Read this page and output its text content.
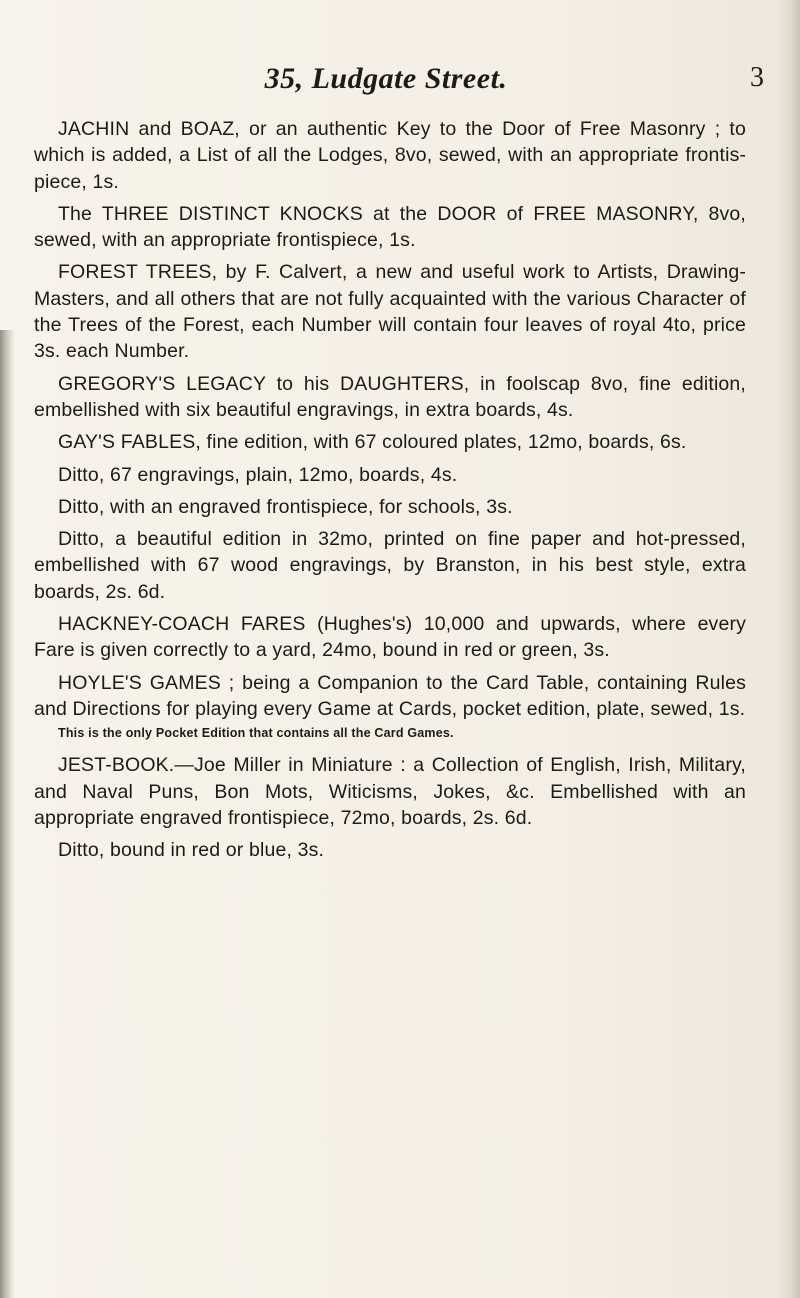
35, Ludgate Street.	3

JACHIN and BOAZ, or an authentic Key to the Door of Free Masonry ; to which is added, a List of all the Lodges, 8vo, sewed, with an appropriate frontispiece, 1s.

The THREE DISTINCT KNOCKS at the DOOR of FREE MASONRY, 8vo, sewed, with an appropriate frontispiece, 1s.

FOREST TREES, by F. Calvert, a new and useful work to Artists, Drawing-Masters, and all others that are not fully acquainted with the various Character of the Trees of the Forest, each Number will contain four leaves of royal 4to, price 3s. each Number.

GREGORY'S LEGACY to his DAUGHTERS, in foolscap 8vo, fine edition, embellished with six beautiful engravings, in extra boards, 4s.

GAY'S FABLES, fine edition, with 67 coloured plates, 12mo, boards, 6s.

Ditto, 67 engravings, plain, 12mo, boards, 4s.

Ditto, with an engraved frontispiece, for schools, 3s.

Ditto, a beautiful edition in 32mo, printed on fine paper and hot-pressed, embellished with 67 wood engravings, by Branston, in his best style, extra boards, 2s. 6d.

HACKNEY-COACH FARES (Hughes's) 10,000 and upwards, where every Fare is given correctly to a yard, 24mo, bound in red or green, 3s.

HOYLE'S GAMES ; being a Companion to the Card Table, containing Rules and Directions for playing every Game at Cards, pocket edition, plate, sewed, 1s.

This is the only Pocket Edition that contains all the Card Games.

JEST-BOOK.—Joe Miller in Miniature : a Collection of English, Irish, Military, and Naval Puns, Bon Mots, Witicisms, Jokes, &c. Embellished with an appropriate engraved frontispiece, 72mo, boards, 2s. 6d.

Ditto, bound in red or blue, 3s.
